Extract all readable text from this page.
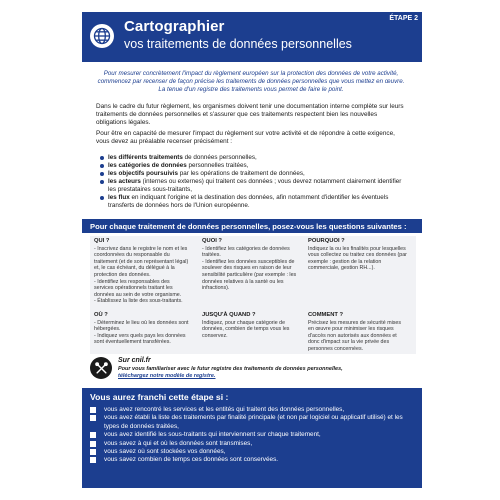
Cartographier
vos traitements de données personnelles
ÉTAPE 2
Pour mesurer concrètement l'impact du règlement européen sur la protection des données de votre activité, commencez par recenser de façon précise les traitements de données personnelles que vous mettez en œuvre. La tenue d'un registre des traitements vous permet de faire le point.
Dans le cadre du futur règlement, les organismes doivent tenir une documentation interne complète sur leurs traitements de données personnelles et s'assurer que ces traitements respectent bien les nouvelles obligations légales.
Pour être en capacité de mesurer l'impact du règlement sur votre activité et de répondre à cette exigence, vous devez au préalable recenser précisément :
les différents traitements de données personnelles,
les catégories de données personnelles traitées,
les objectifs poursuivis par les opérations de traitement de données,
les acteurs (internes ou externes) qui traitent ces données ; vous devrez notamment clairement identifier les prestataires sous-traitants,
les flux en indiquant l'origine et la destination des données, afin notamment d'identifier les éventuels transferts de données hors de l'Union européenne.
Pour chaque traitement de données personnelles, posez-vous les questions suivantes :
QUI ?
- Inscrivez dans le registre le nom et les coordonnées du responsable du traitement (et de son représentant légal) et, le cas échéant, du délégué à la protection des données.
- Identifiez les responsables des services opérationnels traitant les données au sein de votre organisme.
- Établissez la liste des sous-traitants.
QUOI ?
- Identifiez les catégories de données traitées.
- Identifiez les données susceptibles de soulever des risques en raison de leur sensibilité particulière (par exemple : les données relatives à la santé ou les infractions).
POURQUOI ?
Indiquez la ou les finalités pour lesquelles vous collectez ou traitez ces données (par exemple : gestion de la relation commerciale, gestion RH...).
OÙ ?
- Déterminez le lieu où les données sont hébergées.
- Indiquez vers quels pays les données sont éventuellement transférées.
JUSQU'À QUAND ?
Indiquez, pour chaque catégorie de données, combien de temps vous les conservez.
COMMENT ?
Précisez les mesures de sécurité mises en œuvre pour minimiser les risques d'accès non autorisés aux données et donc d'impact sur la vie privée des personnes concernées.
Sur cnil.fr
Pour vous familiariser avec le futur registre des traitements de données personnelles,
téléchargez notre modèle de registre.
Vous aurez franchi cette étape si :
vous avez rencontré les services et les entités qui traitent des données personnelles,
vous avez établi la liste des traitements par finalité principale (et non par logiciel ou applicatif utilisé) et les types de données traitées,
vous avez identifié les sous-traitants qui interviennent sur chaque traitement,
vous savez à qui et où les données sont transmises,
vous savez où sont stockées vos données,
vous savez combien de temps ces données sont conservées.
